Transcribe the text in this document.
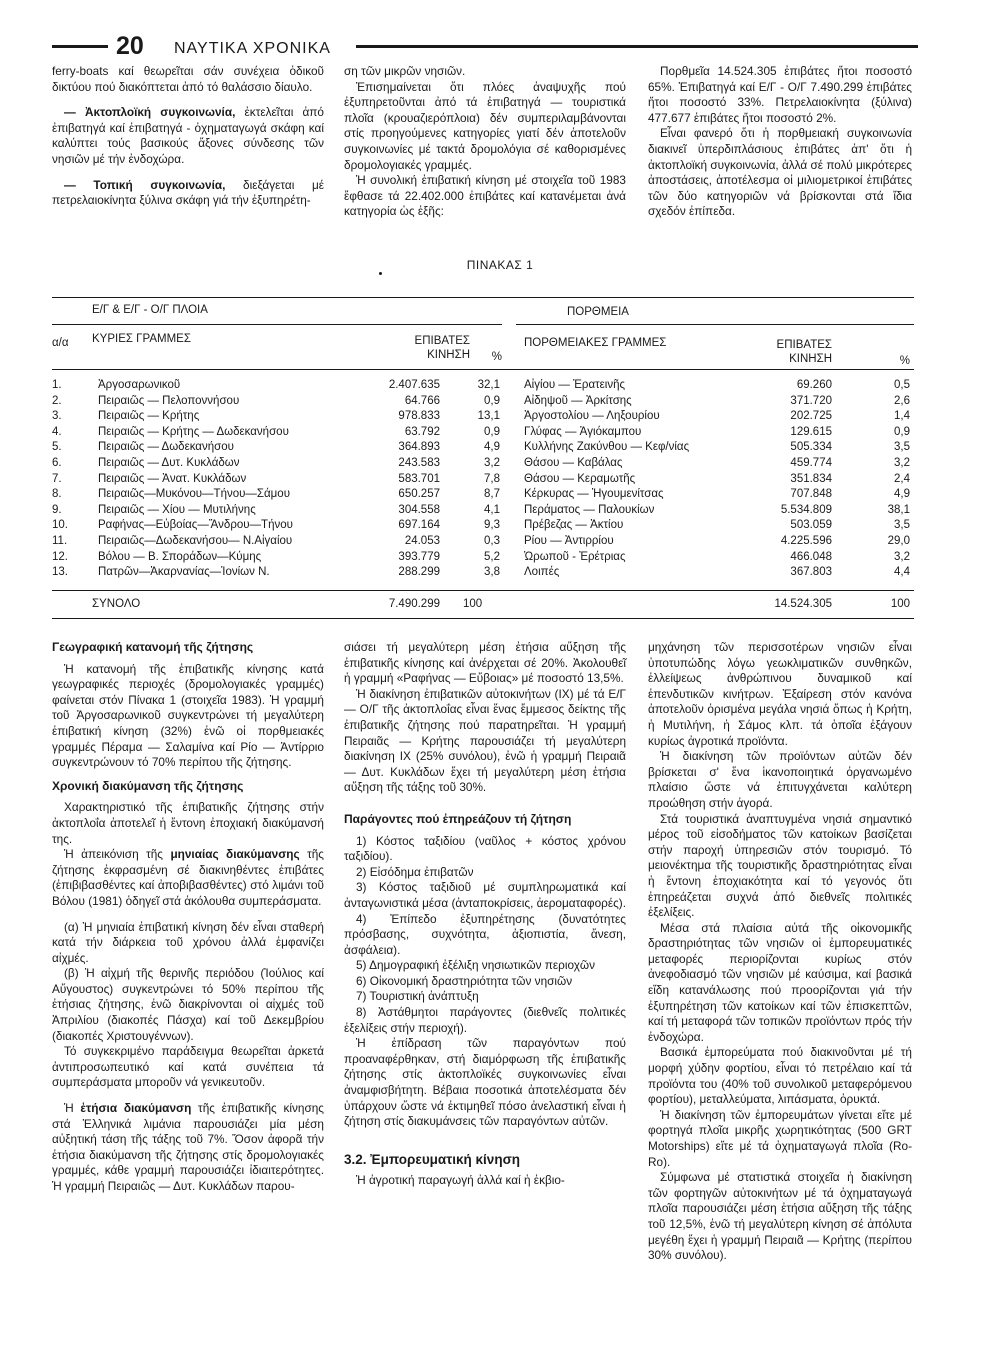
20 ΝΑΥΤΙΚΑ ΧΡΟΝΙΚΑ

ferry-boats καί θεωρεῖται σάν συνέχεια ὁδικοῦ δικτύου πού διακόπτεται ἀπό τό θαλάσσιο δίαυλο.

— Ἀκτοπλοϊκή συγκοινωνία, ἐκτελεῖται ἀπό ἐπιβατηγά καί ἐπιβατηγά - ὀχηματαγωγά σκάφη καί καλύπτει τούς βασικούς ἄξονες σύνδεσης τῶν νησιῶν μέ τήν ἐνδοχώρα.

— Τοπική συγκοινωνία, διεξάγεται μέ πετρελαιοκίνητα ξύλινα σκάφη γιά τήν ἐξυπηρέτη-

ση τῶν μικρῶν νησιῶν.

Ἐπισημαίνεται ὅτι πλόες ἀναψυχῆς πού ἐξυπηρετοῦνται ἀπό τά ἐπιβατηγά — τουριστικά πλοῖα (κρουαζιερόπλοια) δέν συμπεριλαμβάνονται στίς προηγούμενες κατηγορίες γιατί δέν ἀποτελοῦν συγκοινωνίες μέ τακτά δρομολόγια σέ καθορισμένες δρομολογιακές γραμμές.

Ἡ συνολική ἐπιβατική κίνηση μέ στοιχεῖα τοῦ 1983 ἔφθασε τά 22.402.000 ἐπιβάτες καί κατανέμεται ἀνά κατηγορία ὡς ἑξῆς:

Πορθμεῖα 14.524.305 ἐπιβάτες ἤτοι ποσοστό 65%. Ἐπιβατηγά καί Ε/Γ - Ο/Γ 7.490.299 ἐπιβάτες ἤτοι ποσοστό 33%. Πετρελαιοκίνητα (ξύλινα) 477.677 ἐπιβάτες ἤτοι ποσοστό 2%.

Εἶναι φανερό ὅτι ἡ πορθμειακή συγκοινωνία διακινεῖ ὑπερδιπλάσιους ἐπιβάτες ἀπ' ὅτι ἡ ἀκτοπλοϊκή συγκοινωνία, ἀλλά σέ πολύ μικρότερες ἀποστάσεις, ἀποτέλεσμα οἱ μιλιομετρικοί ἐπιβάτες τῶν δύο κατηγοριῶν νά βρίσκονται στά ἴδια σχεδόν ἐπίπεδα.

ΠΙΝΑΚΑΣ 1
Ε/Γ & Ε/Γ - Ο/Γ ΠΛΟΙΑ	ΠΟΡΘΜΕΙΑ
α/α ΚΥΡΙΕΣ ΓΡΑΜΜΕΣ	ΕΠΙΒΑΤΕΣ
ΚΙΝΗΣΗ	%
ΠΟΡΘΜΕΙΑΚΕΣ ΓΡΑΜΜΕΣ	ΕΠΙΒΑΤΕΣ
ΚΙΝΗΣΗ	%
1.	Ἀργοσαρωνικοῦ	2.407.635	32,1 Αἰγίου — Ἐρατεινῆς	69.260	0,5
2.	Πειραιῶς — Πελοποννήσου	64.766	0,9 Αἰδηψοῦ — Ἀρκίτσης	371.720	2,6
3.	Πειραιῶς — Κρήτης	978.833	13,1 Ἀργοστολίου — Ληξουρίου	202.725	1,4
4.	Πειραιῶς — Κρήτης — Δωδεκανήσου	63.792	0,9 Γλύφας — Ἁγιόκαμπου	129.615	0,9
5.	Πειραιῶς — Δωδεκανήσου	364.893	4,9 Κυλλήνης Ζακύνθου — Κεφ/νίας	505.334	3,5
6.	Πειραιῶς — Δυτ. Κυκλάδων	243.583	3,2 Θάσου — Καβάλας	459.774	3,2
7.	Πειραιῶς — Ἀνατ. Κυκλάδων	583.701	7,8 Θάσου — Κεραμωτῆς	351.834	2,4
8.	Πειραιῶς—Μυκόνου—Τήνου—Σάμου	650.257	8,7 Κέρκυρας — Ἡγουμενίτσας	707.848	4,9
9.	Πειραιῶς — Χίου — Μυτιλήνης	304.558	4,1 Περάματος — Παλουκίων	5.534.809	38,1
10.	Ραφήνας—Εὐβοίας—Ἄνδρου—Τήνου	697.164	9,3 Πρέβεζας — Ἀκτίου	503.059	3,5
11.	Πειραιῶς—Δωδεκανήσου— Ν.Αἰγαίου	24.053	0,3 Ρίου — Ἀντιρρίου	4.225.596	29,0
12.	Βόλου — Β. Σποράδων—Κύμης	393.779	5,2 Ὠρωποῦ - Ἐρέτριας	466.048	3,2
13.	Πατρῶν—Ἀκαρνανίας—Ἰονίων Ν.	288.299	3,8 Λοιπές	367.803	4,4
ΣΥΝΟΛΟ	7.490.299 100	14.524.305	100
Γεωγραφική κατανομή τῆς ζήτησης

Ἡ κατανομή τῆς ἐπιβατικῆς κίνησης κατά γεωγραφικές περιοχές (δρομολογιακές γραμμές) φαίνεται στόν Πίνακα 1 (στοιχεῖα 1983). Ἡ γραμμή τοῦ Ἀργοσαρωνικοῦ συγκεντρώνει τή μεγαλύτερη ἐπιβατική κίνηση (32%) ἐνῶ οἱ πορθμειακές γραμμές Πέραμα — Σαλαμίνα καί Ρίο — Ἀντίρριο συγκεντρώνουν τό 70% περίπου τῆς ζήτησης.

Χρονική διακύμανση τῆς ζήτησης

Χαρακτηριστικό τῆς ἐπιβατικῆς ζήτησης στήν ἀκτοπλοΐα ἀποτελεῖ ἡ ἔντονη ἐποχιακή διακύμανσή της.

Ἡ ἀπεικόνιση τῆς μηνιαίας διακύμανσης τῆς ζήτησης ἐκφρασμένη σέ διακινηθέντες ἐπιβάτες (ἐπιβιβασθέντες καί ἀποβιβασθέντες) στό λιμάνι τοῦ Βόλου (1981) ὁδηγεῖ στά ἀκόλουθα συμπεράσματα.

(α) Ἡ μηνιαία ἐπιβατική κίνηση δέν εἶναι σταθερή κατά τήν διάρκεια τοῦ χρόνου ἀλλά ἐμφανίζει αἰχμές.

(β) Ἡ αἰχμή τῆς θερινῆς περιόδου (Ἰούλιος καί Αὔγουστος) συγκεντρώνει τό 50% περίπου τῆς ἐτήσιας ζήτησης, ἐνῶ διακρίνονται οἱ αἰχμές τοῦ Ἀπριλίου (διακοπές Πάσχα) καί τοῦ Δεκεμβρίου (διακοπές Χριστουγέννων).

Τό συγκεκριμένο παράδειγμα θεωρεῖται ἀρκετά ἀντιπροσωπευτικό καί κατά συνέπεια τά συμπεράσματα μποροῦν νά γενικευτοῦν.

Ἡ ἐτήσια διακύμανση τῆς ἐπιβατικῆς κίνησης στά Ἑλληνικά λιμάνια παρουσιάζει μία μέση αὐξητική τάση τῆς τάξης τοῦ 7%. Ὅσον ἀφορᾶ τήν ἐτήσια διακύμανση τῆς ζήτησης στίς δρομολογιακές γραμμές, κάθε γραμμή παρουσιάζει ἰδιαιτερότητες. Ἡ γραμμή Πειραιῶς — Δυτ. Κυκλάδων παρου-

σιάσει τή μεγαλύτερη μέση ἐτήσια αὔξηση τῆς ἐπιβατικῆς κίνησης καί ἀνέρχεται σέ 20%. Ἀκολουθεῖ ἡ γραμμή «Ραφήνας — Εὔβοιας» μέ ποσοστό 13,5%.

Ἡ διακίνηση ἐπιβατικῶν αὐτοκινήτων (ΙΧ) μέ τά Ε/Γ — Ο/Γ τῆς ἀκτοπλοΐας εἶναι ἕνας ἔμμεσος δείκτης τῆς ἐπιβατικῆς ζήτησης πού παρατηρεῖται. Ἡ γραμμή Πειραιᾶς — Κρήτης παρουσιάζει τή μεγαλύτερη διακίνηση ΙΧ (25% συνόλου), ἐνῶ ἡ γραμμή Πειραιᾶ — Δυτ. Κυκλάδων ἔχει τή μεγαλύτερη μέση ἐτήσια αὔξηση τῆς τάξης τοῦ 30%.

Παράγοντες πού ἐπηρεάζουν τή ζήτηση
1) Κόστος ταξιδίου (ναῦλος + κόστος χρόνου ταξιδίου).
2) Εἰσόδημα ἐπιβατῶν
3) Κόστος ταξιδιοῦ μέ συμπληρωματικά καί ἀνταγωνιστικά μέσα (ἀνταποκρίσεις, ἀεροματαφορές).
4) Ἐπίπεδο ἐξυπηρέτησης (δυνατότητες πρόσβασης, συχνότητα, ἀξιοπιστία, ἄνεση, ἀσφάλεια).
5) Δημογραφική ἐξέλιξη νησιωτικῶν περιοχῶν
6) Οἰκονομική δραστηριότητα τῶν νησιῶν
7) Τουριστική ἀνάπτυξη
8) Ἀστάθμητοι παράγοντες (διεθνεῖς πολιτικές ἐξελίξεις στήν περιοχή).

Ἡ ἐπίδραση τῶν παραγόντων πού προαναφέρθηκαν, στή διαμόρφωση τῆς ἐπιβατικῆς ζήτησης στίς ἀκτοπλοϊκές συγκοινωνίες εἶναι ἀναμφισβήτητη. Βέβαια ποσοτικά ἀποτελέσματα δέν ὑπάρχουν ὥστε νά ἐκτιμηθεῖ πόσο ἀνελαστική εἶναι ἡ ζήτηση στίς διακυμάνσεις τῶν παραγόντων αὐτῶν.

3.2. Ἐμπορευματική κίνηση

Ἡ ἀγροτική παραγωγή ἀλλά καί ἡ ἐκβιο-

μηχάνηση τῶν περισσοτέρων νησιῶν εἶναι ὑποτυπώδης λόγω γεωκλιματικῶν συνθηκῶν, ἐλλείψεως ἀνθρώπινου δυναμικοῦ καί ἐπενδυτικῶν κινήτρων. Ἐξαίρεση στόν κανόνα ἀποτελοῦν ὁρισμένα μεγάλα νησιά ὅπως ἡ Κρήτη, ἡ Μυτιλήνη, ἡ Σάμος κλπ. τά ὁποῖα ἐξάγουν κυρίως ἀγροτικά προϊόντα.

Ἡ διακίνηση τῶν προϊόντων αὐτῶν δέν βρίσκεται σ' ἕνα ἱκανοποιητικά ὀργανωμένο πλαίσιο ὥστε νά ἐπιτυγχάνεται καλύτερη προώθηση στήν ἀγορά.

Στά τουριστικά ἀναπτυγμένα νησιά σημαντικό μέρος τοῦ εἰσοδήματος τῶν κατοίκων βασίζεται στήν παροχή ὑπηρεσιῶν στόν τουρισμό. Τό μειονέκτημα τῆς τουριστικῆς δραστηριότητας εἶναι ἡ ἔντονη ἐποχιακότητα καί τό γεγονός ὅτι ἐπηρεάζεται συχνά ἀπό διεθνεῖς πολιτικές ἐξελίξεις.

Μέσα στά πλαίσια αὐτά τῆς οἰκονομικῆς δραστηριότητας τῶν νησιῶν οἱ ἐμπορευματικές μεταφορές περιορίζονται κυρίως στόν ἀνεφοδιασμό τῶν νησιῶν μέ καύσιμα, καί βασικά εἴδη κατανάλωσης πού προορίζονται γιά τήν ἐξυπηρέτηση τῶν κατοίκων καί τῶν ἐπισκεπτῶν, καί τή μεταφορά τῶν τοπικῶν προϊόντων πρός τήν ἐνδοχώρα.

Βασικά ἐμπορεύματα πού διακινοῦνται μέ τή μορφή χύδην φορτίου, εἶναι τό πετρέλαιο καί τά προϊόντα του (40% τοῦ συνολικοῦ μεταφερόμενου φορτίου), μεταλλεύματα, λιπάσματα, ὀρυκτά.

Ἡ διακίνηση τῶν ἐμπορευμάτων γίνεται εἴτε μέ φορτηγά πλοῖα μικρῆς χωρητικότητας (500 GRT Motorships) εἴτε μέ τά ὀχηματαγωγά πλοῖα (Ro-Ro).

Σύμφωνα μέ στατιστικά στοιχεῖα ἡ διακίνηση τῶν φορτηγῶν αὐτοκινήτων μέ τά ὀχηματαγωγά πλοῖα παρουσιάζει μέση ἐτήσια αὔξηση τῆς τάξης τοῦ 12,5%, ἐνῶ τή μεγαλύτερη κίνηση σέ ἀπόλυτα μεγέθη ἔχει ἡ γραμμή Πειραιᾶ — Κρήτης (περίπου 30% συνόλου).
